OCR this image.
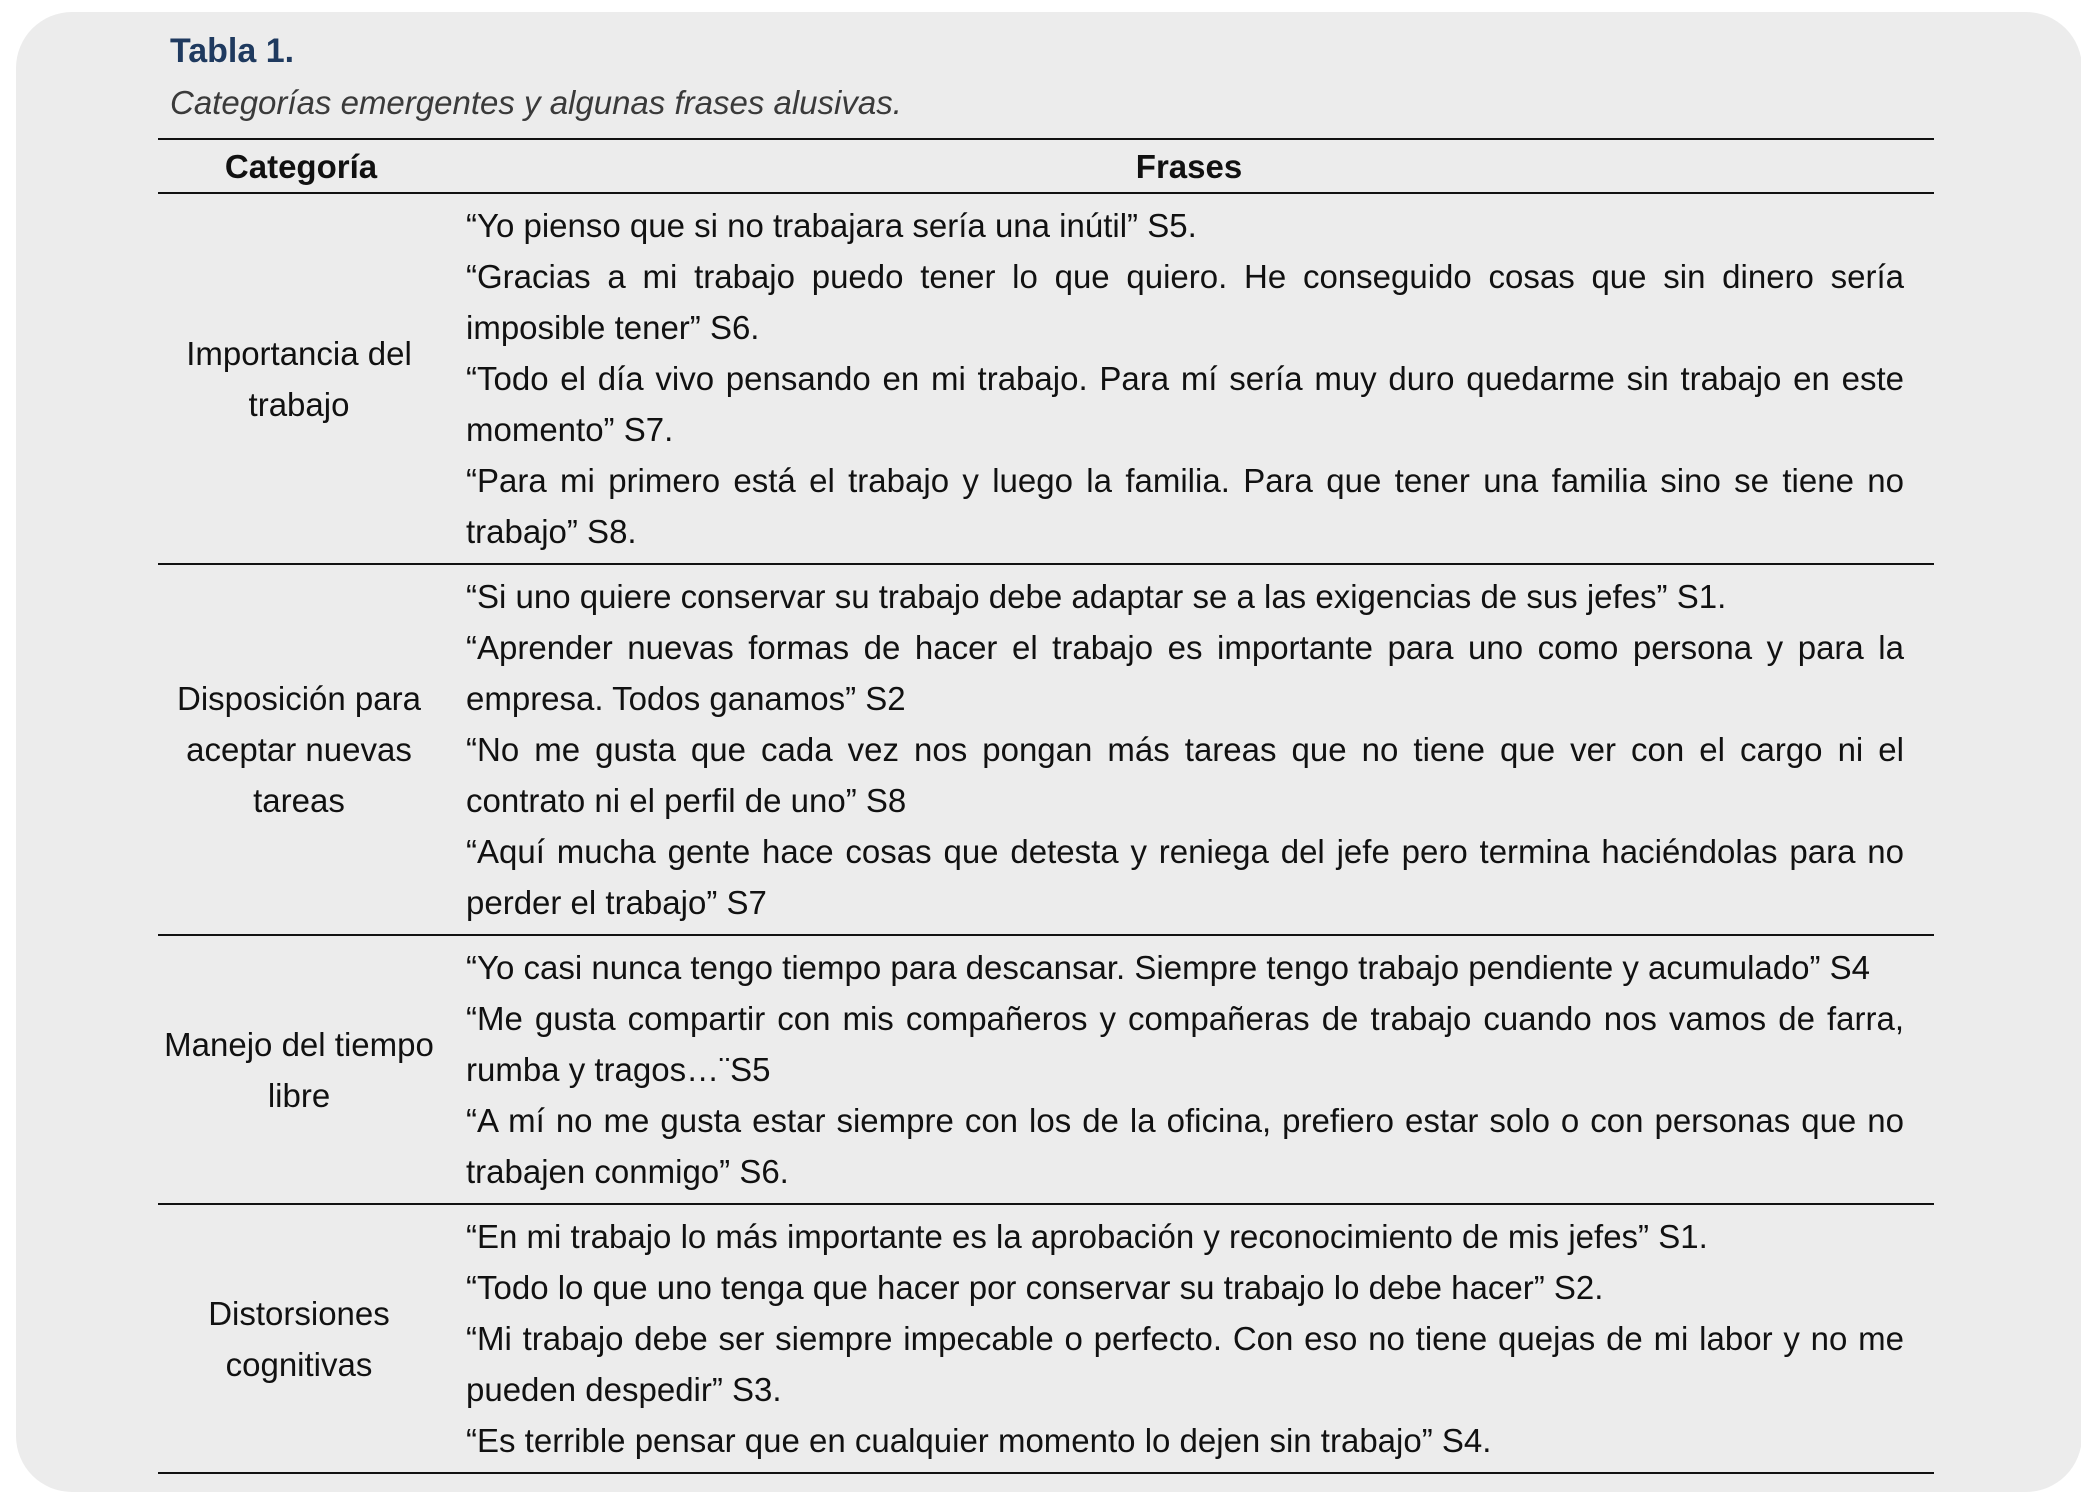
Tabla 1.
Categorías emergentes y algunas frases alusivas.
Categoría	Frases
Importancia del trabajo	“Yo pienso que si no trabajara sería una inútil” S5.
“Gracias a mi trabajo puedo tener lo que quiero. He conseguido cosas que sin dinero sería imposible tener” S6.
“Todo el día vivo pensando en mi trabajo. Para mí sería muy duro quedarme sin trabajo en este momento” S7.
“Para mi primero está el trabajo y luego la familia. Para que tener una familia sino se tiene no trabajo” S8.

Disposición para aceptar nuevas tareas	“Si uno quiere conservar su trabajo debe adaptar se a las exigencias de sus jefes” S1.
“Aprender nuevas formas de hacer el trabajo es importante para uno como persona y para la empresa. Todos ganamos” S2
“No me gusta que cada vez nos pongan más tareas que no tiene que ver con el cargo ni el contrato ni el perfil de uno” S8
“Aquí mucha gente hace cosas que detesta y reniega del jefe pero termina haciéndolas para no perder el trabajo” S7

Manejo del tiempo libre	“Yo casi nunca tengo tiempo para descansar. Siempre tengo trabajo pendiente y acumulado” S4
“Me gusta compartir con mis compañeros y compañeras de trabajo cuando nos vamos de farra, rumba y tragos…¨S5
“A mí no me gusta estar siempre con los de la oficina, prefiero estar solo o con personas que no trabajen conmigo” S6.

Distorsiones cognitivas	“En mi trabajo lo más importante es la aprobación y reconocimiento de mis jefes” S1.
“Todo lo que uno tenga que hacer por conservar su trabajo lo debe hacer” S2.
“Mi trabajo debe ser siempre impecable o perfecto. Con eso no tiene quejas de mi labor y no me pueden despedir” S3.
“Es terrible pensar que en cualquier momento lo dejen sin trabajo” S4.
